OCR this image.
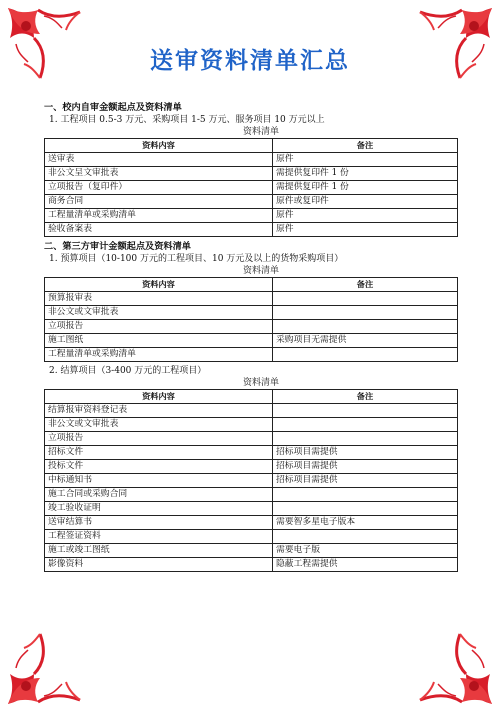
送审资料清单汇总

一、校内自审金额起点及资料清单

1. 工程项目 0.5-3 万元、采购项目 1-5 万元、服务项目 10 万元以上

资料清单

资料内容	备注
送审表	原件
非公文呈文审批表	需提供复印件 1 份
立项报告（复印件）	需提供复印件 1 份
商务合同	原件或复印件
工程量清单或采购清单	原件
验收备案表	原件

二、第三方审计金额起点及资料清单

1. 预算项目（10-100 万元的工程项目、10 万元及以上的货物采购项目）

资料清单

资料内容	备注
预算报审表	
非公文或文审批表	
立项报告	
施工图纸	采购项目无需提供
工程量清单或采购清单	

2. 结算项目（3-400 万元的工程项目）

资料清单

资料内容	备注
结算报审资料登记表	
非公文或文审批表	
立项报告	
招标文件	招标项目需提供
投标文件	招标项目需提供
中标通知书	招标项目需提供
施工合同或采购合同	
竣工验收证明	
送审结算书	需要智多星电子版本
工程签证资料	
施工或竣工图纸	需要电子版
影像资料	隐蔽工程需提供
